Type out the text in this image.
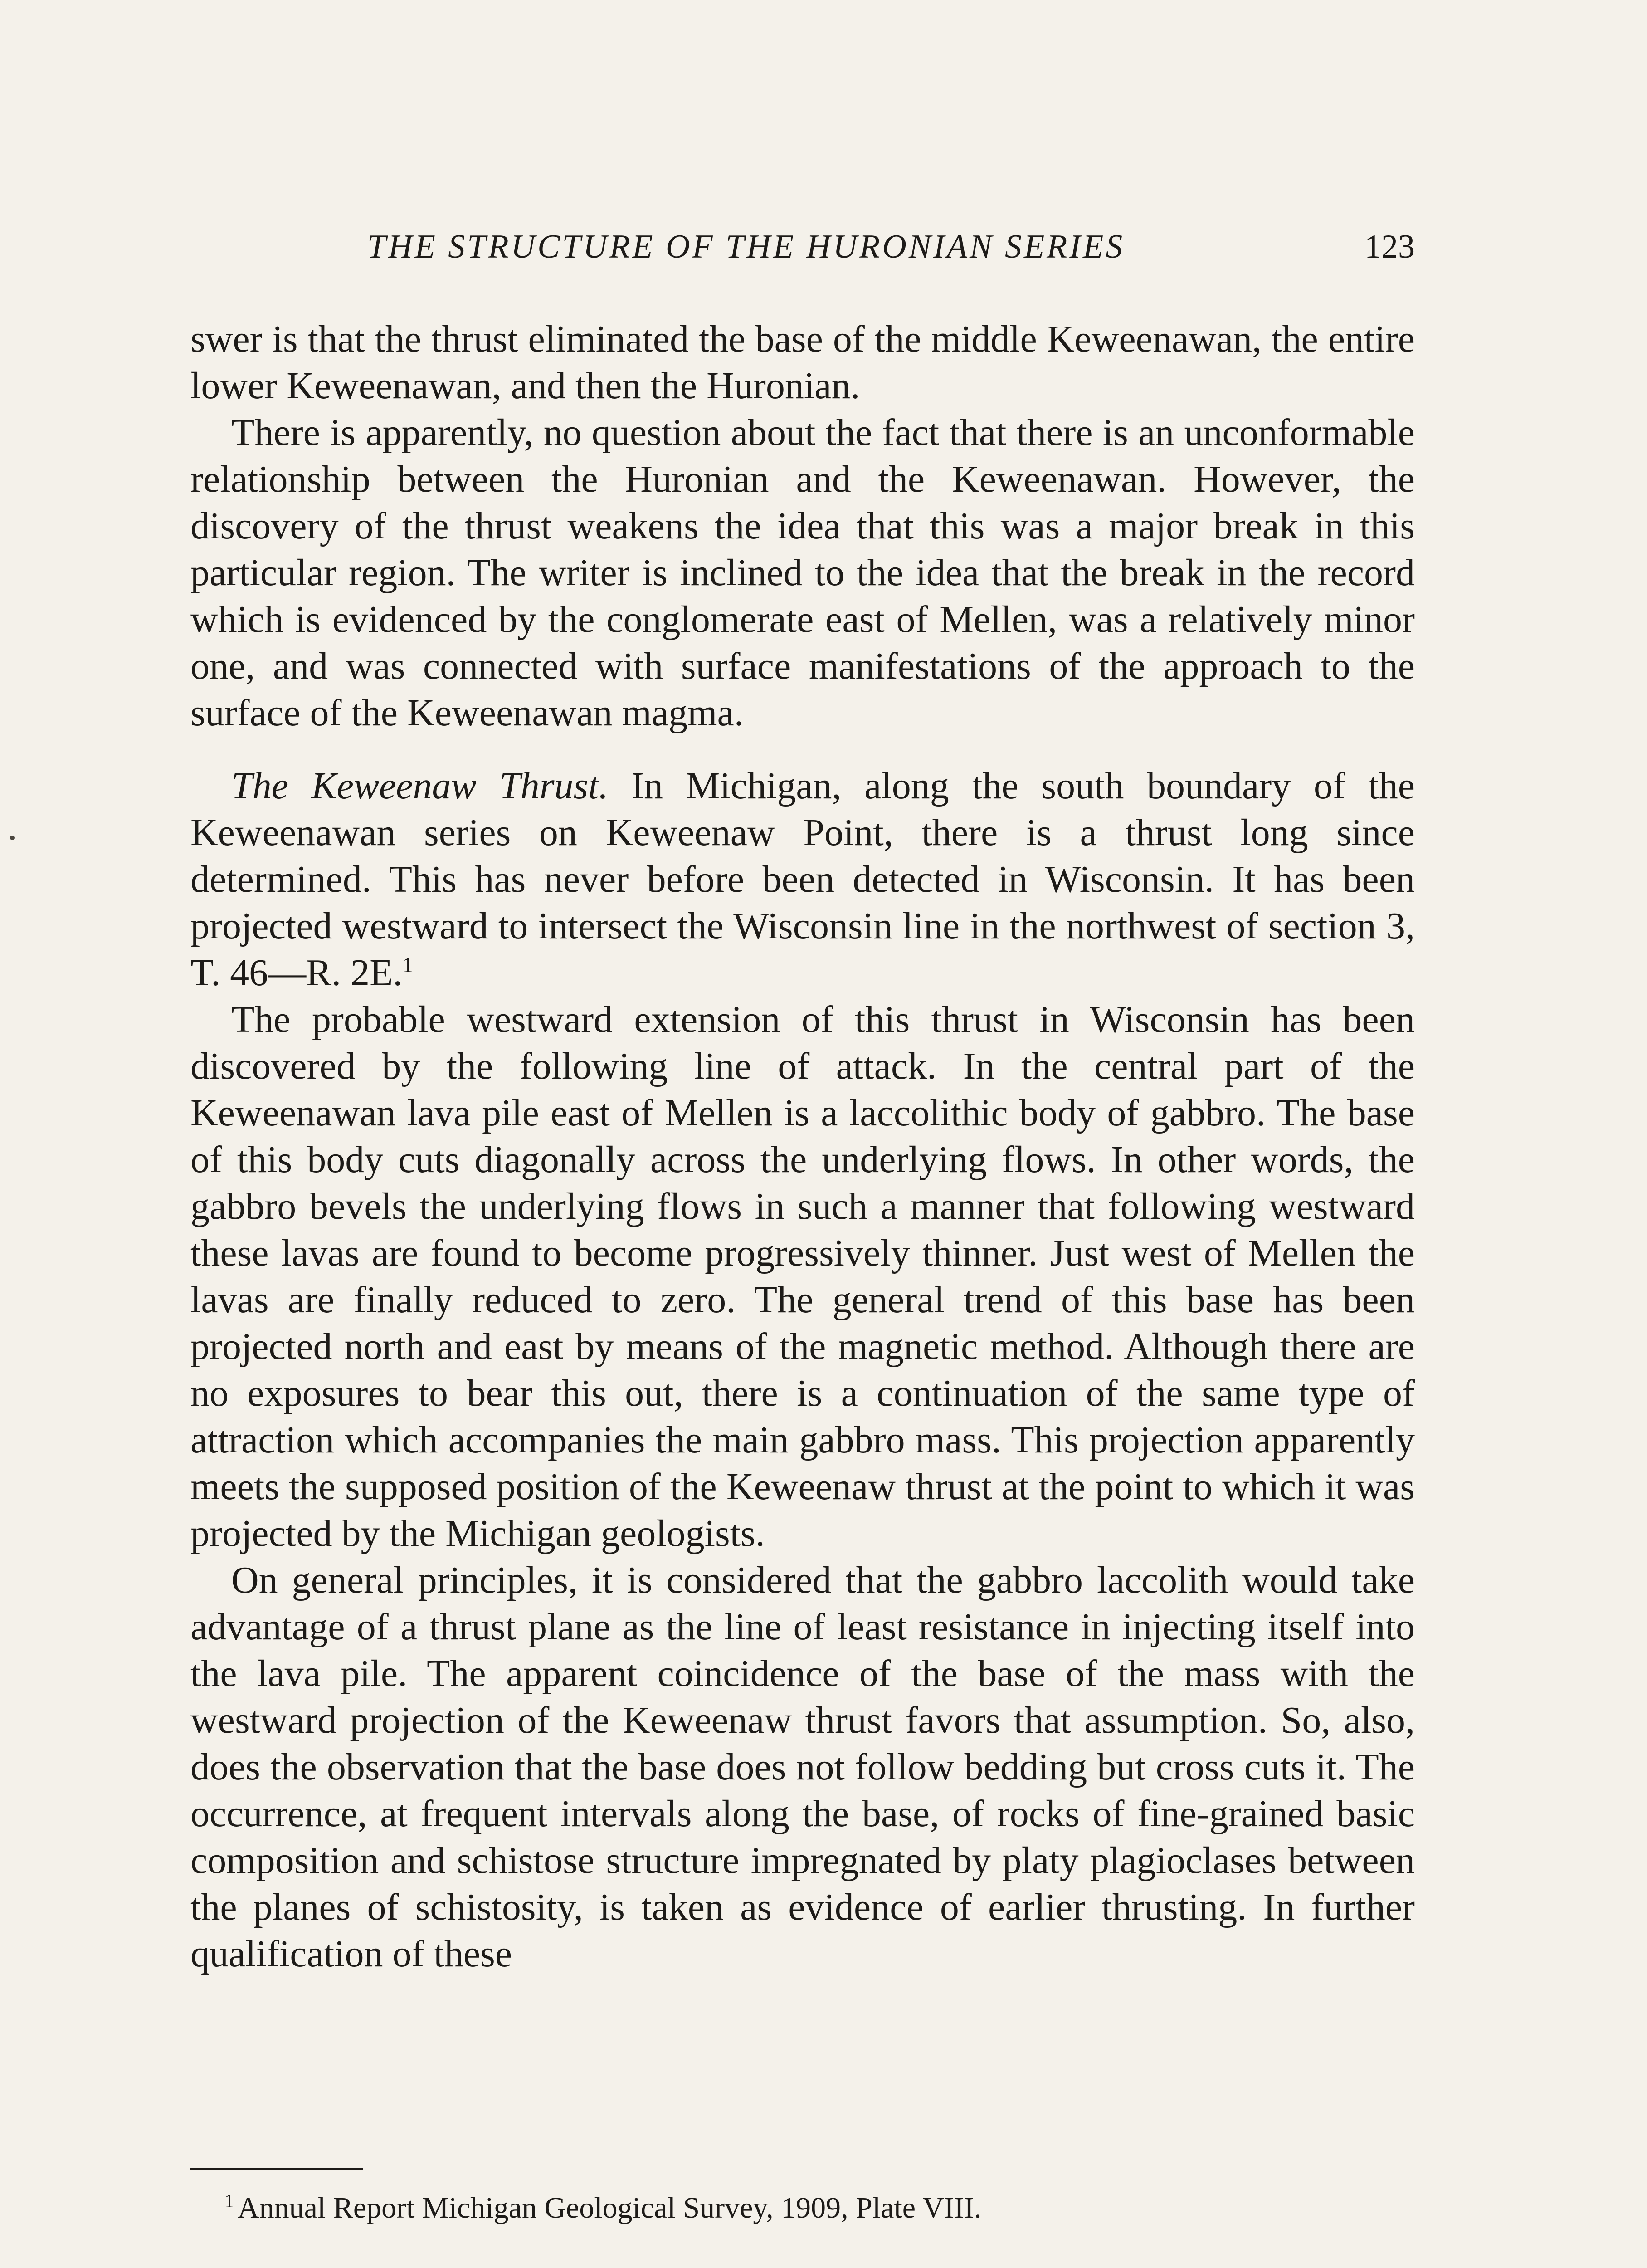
THE STRUCTURE OF THE HURONIAN SERIES	123

swer is that the thrust eliminated the base of the middle Keweenawan, the entire lower Keweenawan, and then the Huronian.

There is apparently, no question about the fact that there is an unconformable relationship between the Huronian and the Keweenawan. However, the discovery of the thrust weakens the idea that this was a major break in this particular region. The writer is inclined to the idea that the break in the record which is evidenced by the conglomerate east of Mellen, was a relatively minor one, and was connected with surface manifestations of the approach to the surface of the Keweenawan magma.

The Keweenaw Thrust. In Michigan, along the south boundary of the Keweenawan series on Keweenaw Point, there is a thrust long since determined. This has never before been detected in Wisconsin. It has been projected westward to intersect the Wisconsin line in the northwest of section 3, T. 46—R. 2E.$^1$

The probable westward extension of this thrust in Wisconsin has been discovered by the following line of attack. In the central part of the Keweenawan lava pile east of Mellen is a laccolithic body of gabbro. The base of this body cuts diagonally across the underlying flows. In other words, the gabbro bevels the underlying flows in such a manner that following westward these lavas are found to become progressively thinner. Just west of Mellen the lavas are finally reduced to zero. The general trend of this base has been projected north and east by means of the magnetic method. Although there are no exposures to bear this out, there is a continuation of the same type of attraction which accompanies the main gabbro mass. This projection apparently meets the supposed position of the Keweenaw thrust at the point to which it was projected by the Michigan geologists.

On general principles, it is considered that the gabbro laccolith would take advantage of a thrust plane as the line of least resistance in injecting itself into the lava pile. The apparent coincidence of the base of the mass with the westward projection of the Keweenaw thrust favors that assumption. So, also, does the observation that the base does not follow bedding but cross cuts it. The occurrence, at frequent intervals along the base, of rocks of fine-grained basic composition and schistose structure impregnated by platy plagioclases between the planes of schistosity, is taken as evidence of earlier thrusting. In further qualification of these

$^1$ Annual Report Michigan Geological Survey, 1909, Plate VIII.
